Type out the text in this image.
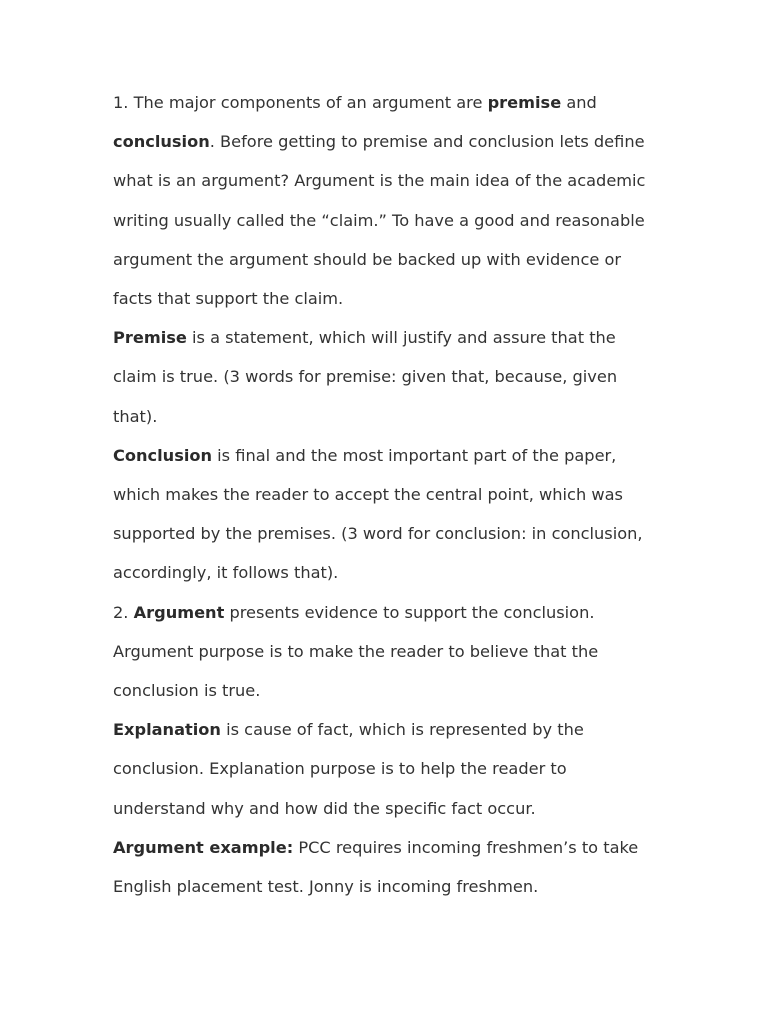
1. The major components of an argument are premise and conclusion. Before getting to premise and conclusion lets define what is an argument? Argument is the main idea of the academic writing usually called the “claim.” To have a good and reasonable argument the argument should be backed up with evidence or facts that support the claim.

Premise is a statement, which will justify and assure that the claim is true. (3 words for premise: given that, because, given that).

Conclusion is final and the most important part of the paper, which makes the reader to accept the central point, which was supported by the premises. (3 word for conclusion: in conclusion, accordingly, it follows that).

2. Argument presents evidence to support the conclusion. Argument purpose is to make the reader to believe that the conclusion is true.

Explanation is cause of fact, which is represented by the conclusion. Explanation purpose is to help the reader to understand why and how did the specific fact occur.

Argument example: PCC requires incoming freshmen’s to take English placement test. Jonny is incoming freshmen.
